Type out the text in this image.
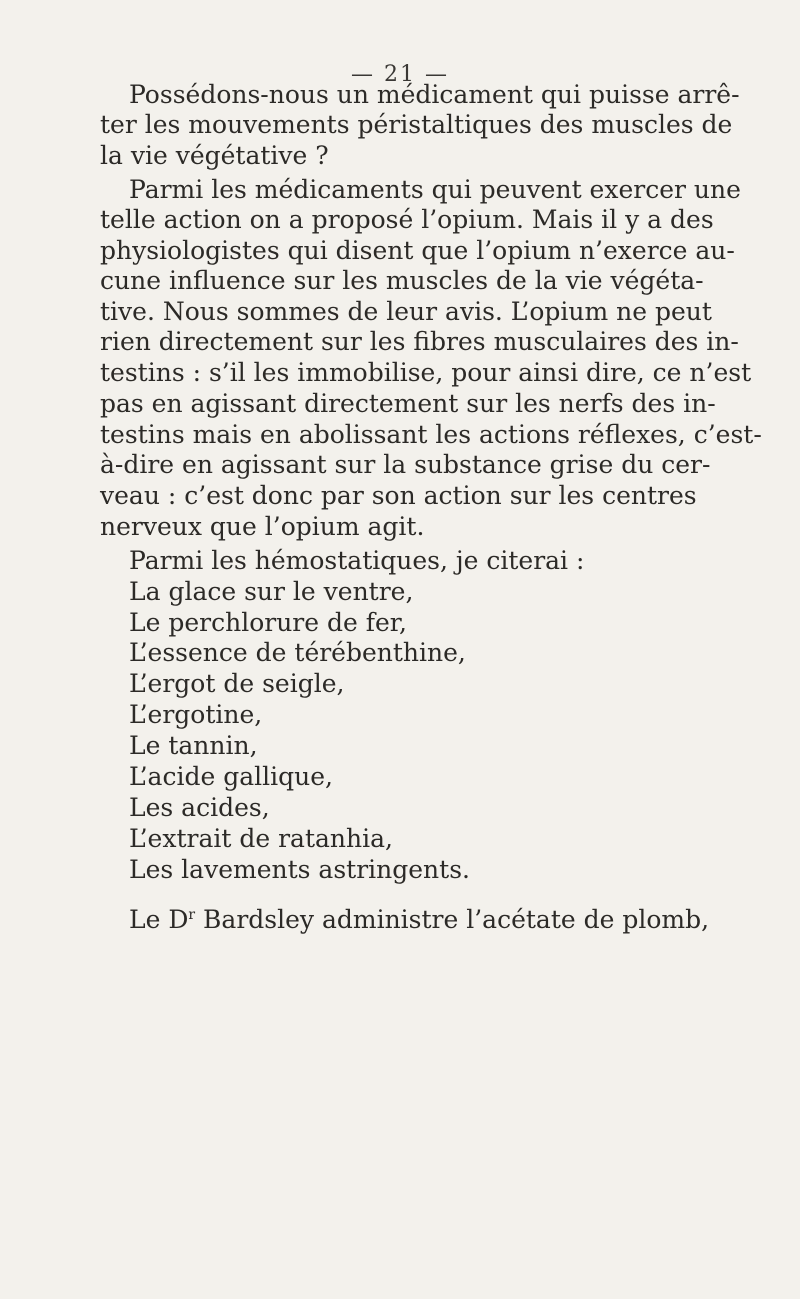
— 21 —
Possédons-nous un médicament qui puisse arrê-
ter les mouvements péristaltiques des muscles de
la vie végétative ?
Parmi les médicaments qui peuvent exercer une
telle action on a proposé l’opium. Mais il y a des
physiologistes qui disent que l’opium n’exerce au-
cune influence sur les muscles de la vie végéta-
tive. Nous sommes de leur avis. L’opium ne peut
rien directement sur les fibres musculaires des in-
testins : s’il les immobilise, pour ainsi dire, ce n’est
pas en agissant directement sur les nerfs des in-
testins mais en abolissant les actions réflexes, c’est-
à-dire en agissant sur la substance grise du cer-
veau : c’est donc par son action sur les centres
nerveux que l’opium agit.
Parmi les hémostatiques, je citerai :
La glace sur le ventre,
Le perchlorure de fer,
L’essence de térébenthine,
L’ergot de seigle,
L’ergotine,
Le tannin,
L’acide gallique,
Les acides,
L’extrait de ratanhia,
Les lavements astringents.
Le $D^r$ Bardsley administre l’acétate de plomb,
